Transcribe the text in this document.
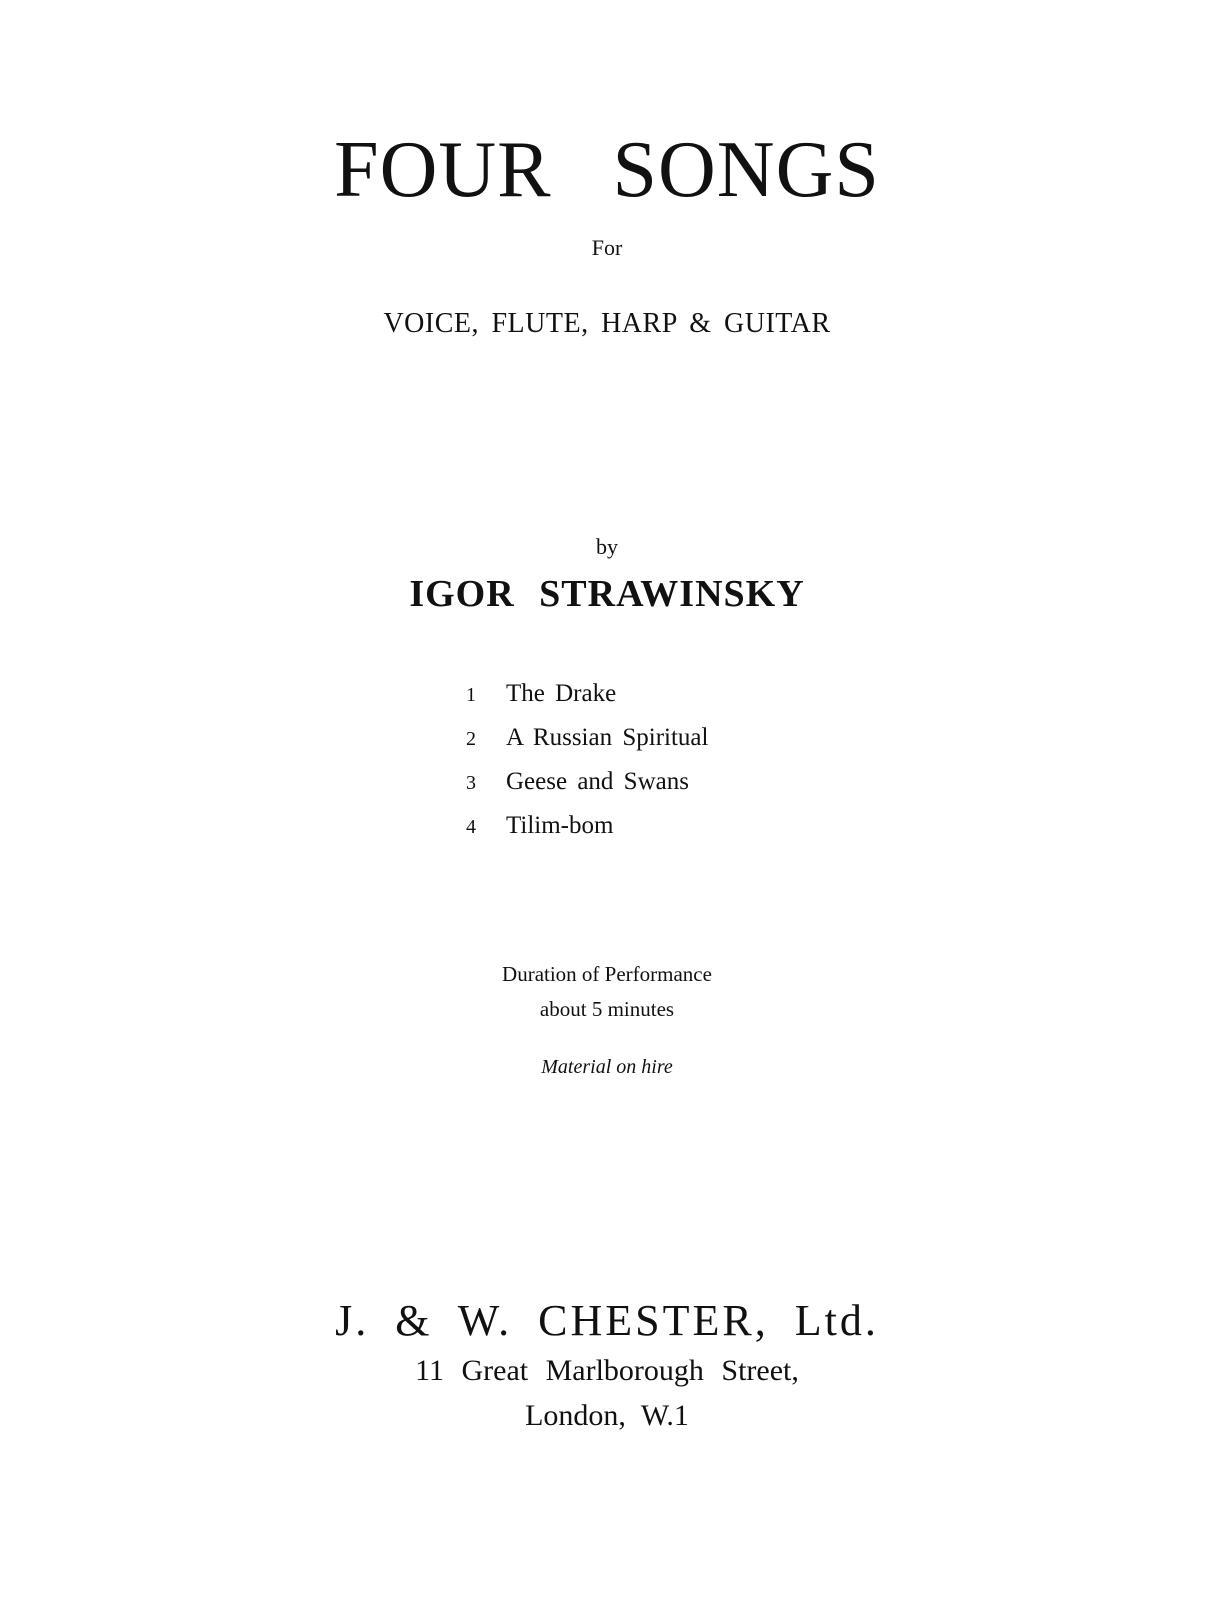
FOUR SONGS

For

VOICE, FLUTE, HARP & GUITAR

by

IGOR STRAWINSKY
1 The Drake
2 A Russian Spiritual
3 Geese and Swans
4 Tilim-bom

Duration of Performance

about 5 minutes

Material on hire

J. & W. CHESTER, Ltd.

11 Great Marlborough Street,

London, W.1
